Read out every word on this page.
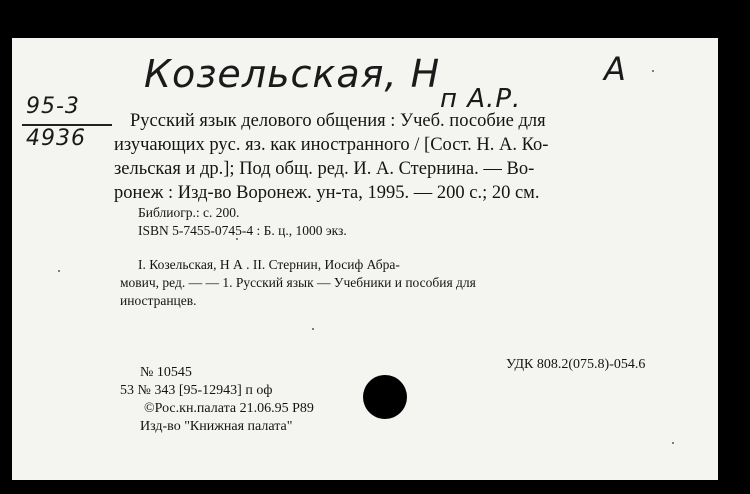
Козельская, Н	А
п А.Р.
95-3
4936
Русский язык делового общения : Учеб. пособие для
изучающих рус. яз. как иностранного / [Сост. Н. А. Ко-
зельская и др.]; Под общ. ред. И. А. Стернина. — Во-
ронеж : Изд-во Воронеж. ун-та, 1995. — 200 с.; 20 см.
Библиогр.: с. 200.
ISBN 5-7455-0745-4 : Б. ц., 1000 экз.
I. Козельская, Н А . II. Стернин, Иосиф Абра-
мович, ред. — — 1. Русский язык — Учебники и пособия для
иностранцев.
№ 10545
53 № 343 [95-12943] п оф
©Рос.кн.палата 21.06.95 Р89
Изд-во "Книжная палата"
УДК 808.2(075.8)-054.6
